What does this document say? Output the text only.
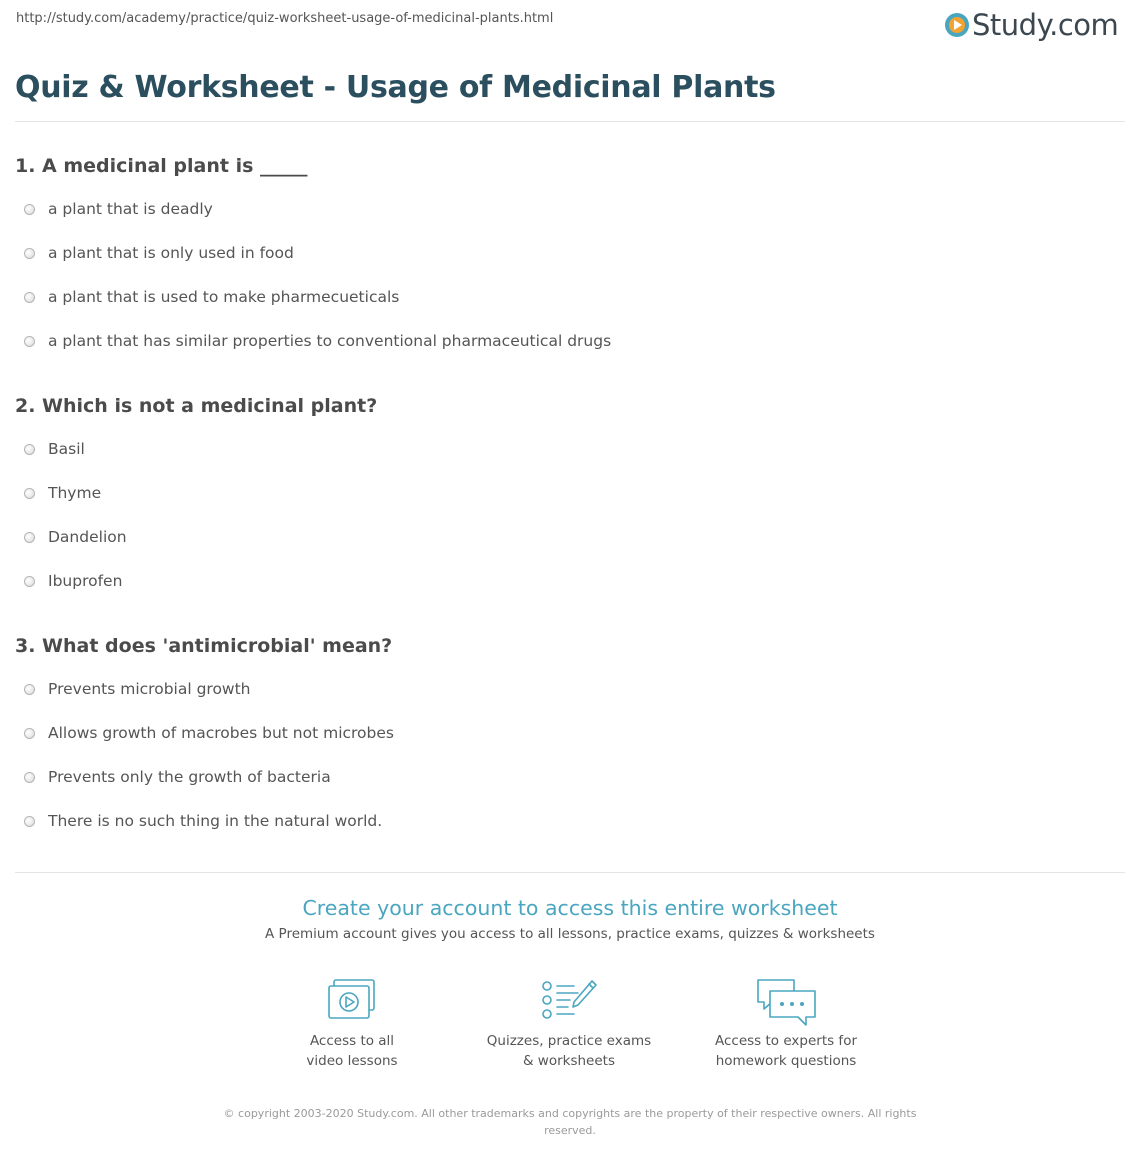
http://study.com/academy/practice/quiz-worksheet-usage-of-medicinal-plants.html	Study.com
Quiz & Worksheet - Usage of Medicinal Plants
1. A medicinal plant is _____
a plant that is deadly
a plant that is only used in food
a plant that is used to make pharmecueticals
a plant that has similar properties to conventional pharmaceutical drugs
2. Which is not a medicinal plant?
Basil
Thyme
Dandelion
Ibuprofen
3. What does 'antimicrobial' mean?
Prevents microbial growth
Allows growth of macrobes but not microbes
Prevents only the growth of bacteria
There is no such thing in the natural world.
Create your account to access this entire worksheet
A Premium account gives you access to all lessons, practice exams, quizzes & worksheets
Access to all
video lessons
Quizzes, practice exams
& worksheets
Access to experts for
homework questions
© copyright 2003-2020 Study.com. All other trademarks and copyrights are the property of their respective owners. All rights reserved.
